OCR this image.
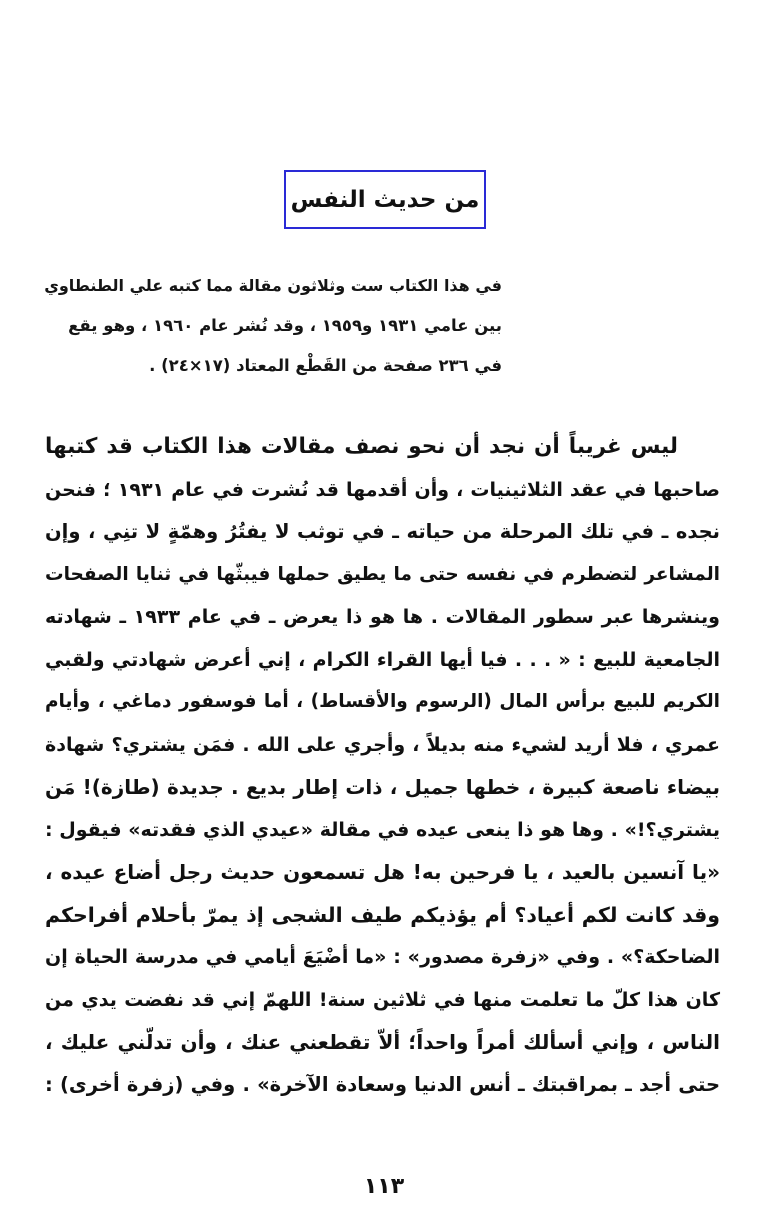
من حديث النفس
في هذا الكتاب ست وثلاثون مقالة مما كتبه علي الطنطاوي
بين عامي ١٩٣١ و١٩٥٩ ، وقد نُشر عام ١٩٦٠ ، وهو يقع
في ٢٣٦ صفحة من القَطْع المعتاد (١٧×٢٤) .
ليس غريباً أن نجد أن نحو نصف مقالات هذا الكتاب قد كتبها
صاحبها في عقد الثلاثينيات ، وأن أقدمها قد نُشرت في عام ١٩٣١ ؛ فنحن
نجده ـ في تلك المرحلة من حياته ـ في توثب لا يفتُرُ وهمّةٍ لا تنِي ، وإن
المشاعر لتضطرم في نفسه حتى ما يطيق حملها فيبثّها في ثنايا الصفحات
وينشرها عبر سطور المقالات . ها هو ذا يعرض ـ في عام ١٩٣٣ ـ شهادته
الجامعية للبيع : « . . . فيا أيها القراء الكرام ، إني أعرض شهادتي ولقبي
الكريم للبيع برأس المال (الرسوم والأقساط) ، أما فوسفور دماغي ، وأيام
عمري ، فلا أريد لشيء منه بديلاً ، وأجري على الله . فمَن يشتري؟ شهادة
بيضاء ناصعة كبيرة ، خطها جميل ، ذات إطار بديع . جديدة (طازة)! مَن
يشتري؟!» . وها هو ذا ينعى عيده في مقالة «عيدي الذي فقدته» فيقول :
«يا آنسين بالعيد ، يا فرحين به! هل تسمعون حديث رجل أضاع عيده ،
وقد كانت لكم أعياد؟ أم يؤذيكم طيف الشجى إذ يمرّ بأحلام أفراحكم
الضاحكة؟» . وفي «زفرة مصدور» : «ما أضْيَعَ أيامي في مدرسة الحياة إن
كان هذا كلّ ما تعلمت منها في ثلاثين سنة! اللهمّ إني قد نفضت يدي من
الناس ، وإني أسألك أمراً واحداً؛ ألاّ تقطعني عنك ، وأن تدلّني عليك ،
حتى أجد ـ بمراقبتك ـ أنس الدنيا وسعادة الآخرة» . وفي (زفرة أخرى) :
١١٣
